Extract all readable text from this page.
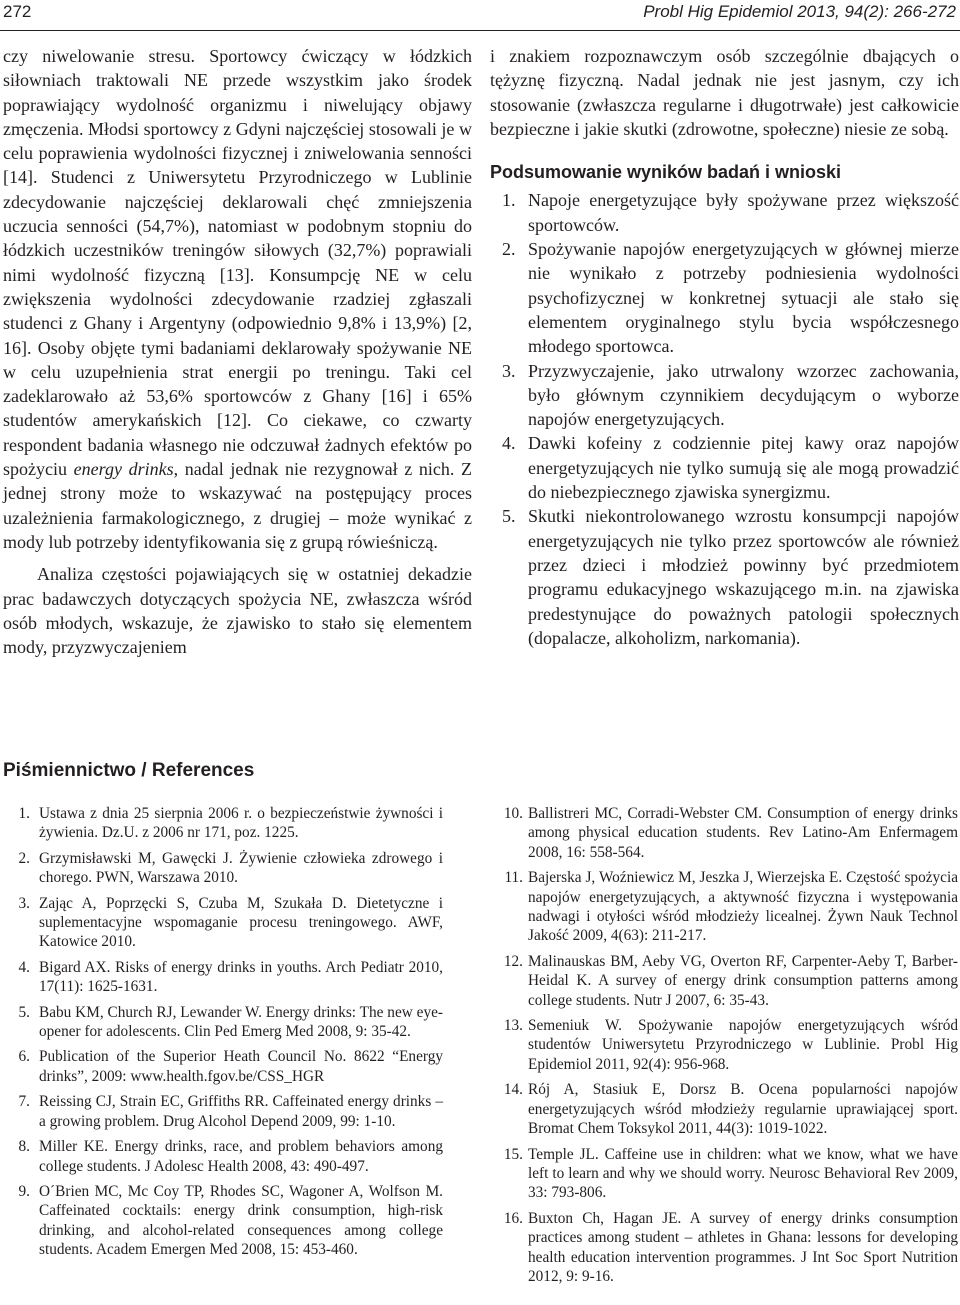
272	Probl Hig Epidemiol 2013, 94(2): 266-272

czy niwelowanie stresu. Sportowcy ćwiczący w łódzkich siłowniach traktowali NE przede wszystkim jako środek poprawiający wydolność organizmu i niwelujący objawy zmęczenia. Młodsi sportowcy z Gdyni najczęściej stosowali je w celu poprawienia wydolności fizycznej i zniwelowania senności [14]. Studenci z Uniwersytetu Przyrodniczego w Lublinie zdecydowanie najczęściej deklarowali chęć zmniejszenia uczucia senności (54,7%), natomiast w podobnym stopniu do łódzkich uczestników treningów siłowych (32,7%) poprawiali nimi wydolność fizyczną [13]. Konsumpcję NE w celu zwiększenia wydolności zdecydowanie rzadziej zgłaszali studenci z Ghany i Argentyny (odpowiednio 9,8% i 13,9%) [2, 16]. Osoby objęte tymi badaniami deklarowały spożywanie NE w celu uzupełnienia strat energii po treningu. Taki cel zadeklarowało aż 53,6% sportowców z Ghany [16] i 65% studentów amerykańskich [12]. Co ciekawe, co czwarty respondent badania własnego nie odczuwał żadnych efektów po spożyciu energy drinks, nadal jednak nie rezygnował z nich. Z jednej strony może to wskazywać na postępujący proces uzależnienia farmakologicznego, z drugiej – może wynikać z mody lub potrzeby identyfikowania się z grupą rówieśniczą.

Analiza częstości pojawiających się w ostatniej dekadzie prac badawczych dotyczących spożycia NE, zwłaszcza wśród osób młodych, wskazuje, że zjawisko to stało się elementem mody, przyzwyczajeniem

i znakiem rozpoznawczym osób szczególnie dbających o tężyznę fizyczną. Nadal jednak nie jest jasnym, czy ich stosowanie (zwłaszcza regularne i długotrwałe) jest całkowicie bezpieczne i jakie skutki (zdrowotne, społeczne) niesie ze sobą.

Podsumowanie wyników badań i wnioski
1. Napoje energetyzujące były spożywane przez większość sportowców.
2. Spożywanie napojów energetyzujących w głównej mierze nie wynikało z potrzeby podniesienia wydolności psychofizycznej w konkretnej sytuacji ale stało się elementem oryginalnego stylu bycia współczesnego młodego sportowca.
3. Przyzwyczajenie, jako utrwalony wzorzec zachowania, było głównym czynnikiem decydującym o wyborze napojów energetyzujących.
4. Dawki kofeiny z codziennie pitej kawy oraz napojów energetyzujących nie tylko sumują się ale mogą prowadzić do niebezpiecznego zjawiska synergizmu.
5. Skutki niekontrolowanego wzrostu konsumpcji napojów energetyzujących nie tylko przez sportowców ale również przez dzieci i młodzież powinny być przedmiotem programu edukacyjnego wskazującego m.in. na zjawiska predestynujące do poważnych patologii społecznych (dopalacze, alkoholizm, narkomania).
Piśmiennictwo / References
1. Ustawa z dnia 25 sierpnia 2006 r. o bezpieczeństwie żywności i żywienia. Dz.U. z 2006 nr 171, poz. 1225.
2. Grzymisławski M, Gawęcki J. Żywienie człowieka zdrowego i chorego. PWN, Warszawa 2010.
3. Zając A, Poprzęcki S, Czuba M, Szukała D. Dietetyczne i suplementacyjne wspomaganie procesu treningowego. AWF, Katowice 2010.
4. Bigard AX. Risks of energy drinks in youths. Arch Pediatr 2010, 17(11): 1625-1631.
5. Babu KM, Church RJ, Lewander W. Energy drinks: The new eye-opener for adolescents. Clin Ped Emerg Med 2008, 9: 35-42.
6. Publication of the Superior Heath Council No. 8622 “Energy drinks”, 2009: www.health.fgov.be/CSS_HGR
7. Reissing CJ, Strain EC, Griffiths RR. Caffeinated energy drinks – a growing problem. Drug Alcohol Depend 2009, 99: 1-10.
8. Miller KE. Energy drinks, race, and problem behaviors among college students. J Adolesc Health 2008, 43: 490-497.
9. O´Brien MC, Mc Coy TP, Rhodes SC, Wagoner A, Wolfson M. Caffeinated cocktails: energy drink consumption, high-risk drinking, and alcohol-related consequences among college students. Academ Emergen Med 2008, 15: 453-460.
10. Ballistreri MC, Corradi-Webster CM. Consumption of energy drinks among physical education students. Rev Latino-Am Enfermagem 2008, 16: 558-564.
11. Bajerska J, Woźniewicz M, Jeszka J, Wierzejska E. Częstość spożycia napojów energetyzujących, a aktywność fizyczna i występowania nadwagi i otyłości wśród młodzieży licealnej. Żywn Nauk Technol Jakość 2009, 4(63): 211-217.
12. Malinauskas BM, Aeby VG, Overton RF, Carpenter-Aeby T, Barber-Heidal K. A survey of energy drink consumption patterns among college students. Nutr J 2007, 6: 35-43.
13. Semeniuk W. Spożywanie napojów energetyzujących wśród studentów Uniwersytetu Przyrodniczego w Lublinie. Probl Hig Epidemiol 2011, 92(4): 956-968.
14. Rój A, Stasiuk E, Dorsz B. Ocena popularności napojów energetyzujących wśród młodzieży regularnie uprawiającej sport. Bromat Chem Toksykol 2011, 44(3): 1019-1022.
15. Temple JL. Caffeine use in children: what we know, what we have left to learn and why we should worry. Neurosc Behavioral Rev 2009, 33: 793-806.
16. Buxton Ch, Hagan JE. A survey of energy drinks consumption practices among student – athletes in Ghana: lessons for developing health education intervention programmes. J Int Soc Sport Nutrition 2012, 9: 9-16.
